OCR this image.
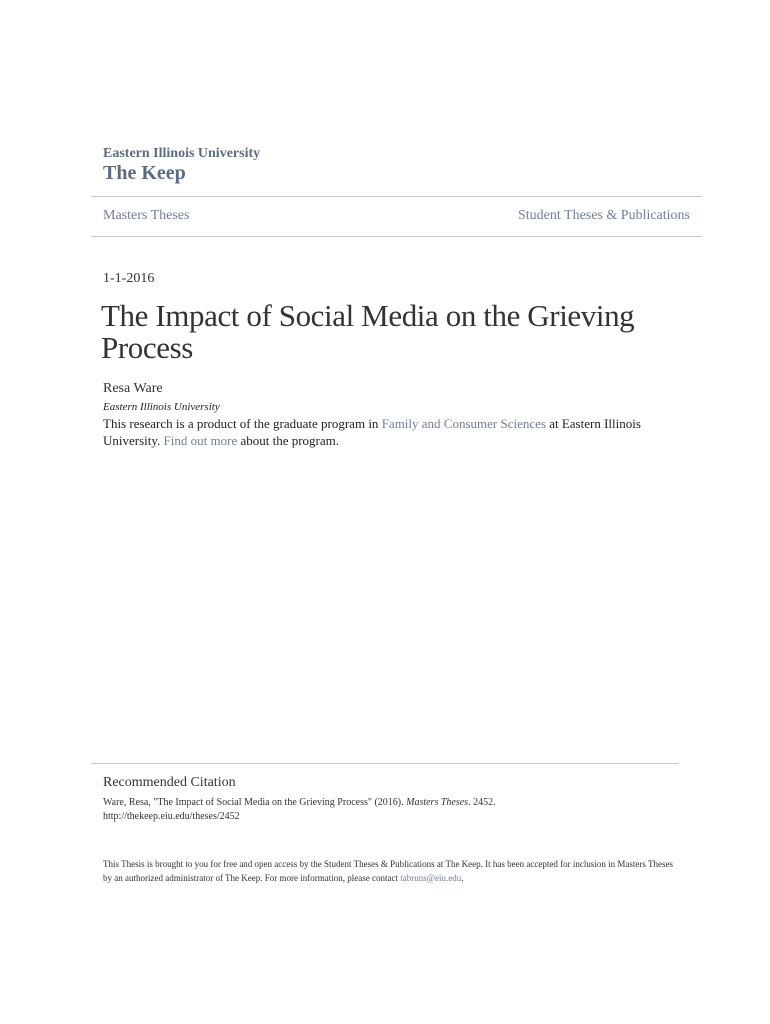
Eastern Illinois University
The Keep
Masters Theses	Student Theses & Publications
1-1-2016
The Impact of Social Media on the Grieving Process
Resa Ware
Eastern Illinois University
This research is a product of the graduate program in Family and Consumer Sciences at Eastern Illinois University. Find out more about the program.
Recommended Citation
Ware, Resa, "The Impact of Social Media on the Grieving Process" (2016). Masters Theses. 2452.
http://thekeep.eiu.edu/theses/2452
This Thesis is brought to you for free and open access by the Student Theses & Publications at The Keep. It has been accepted for inclusion in Masters Theses by an authorized administrator of The Keep. For more information, please contact tabruns@eiu.edu.
